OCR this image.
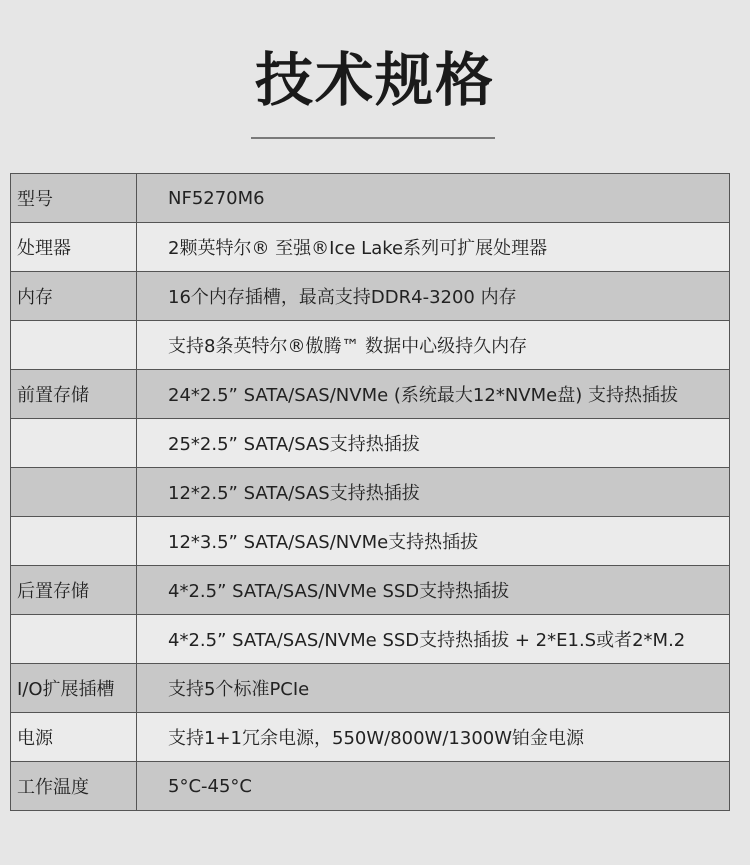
技术规格
型号	NF5270M6
处理器	2颗英特尔® 至强®Ice Lake系列可扩展处理器
内存	16个内存插槽，最高支持DDR4-3200 内存
	支持8条英特尔®傲腾™ 数据中心级持久内存
前置存储	24*2.5” SATA/SAS/NVMe (系统最大12*NVMe盘) 支持热插拔
	25*2.5” SATA/SAS支持热插拔
	12*2.5” SATA/SAS支持热插拔
	12*3.5” SATA/SAS/NVMe支持热插拔
后置存储	4*2.5” SATA/SAS/NVMe SSD支持热插拔
	4*2.5” SATA/SAS/NVMe SSD支持热插拔 + 2*E1.S或者2*M.2
I/O扩展插槽	支持5个标准PCIe
电源	支持1+1冗余电源，550W/800W/1300W铂金电源
工作温度	5°C-45°C
